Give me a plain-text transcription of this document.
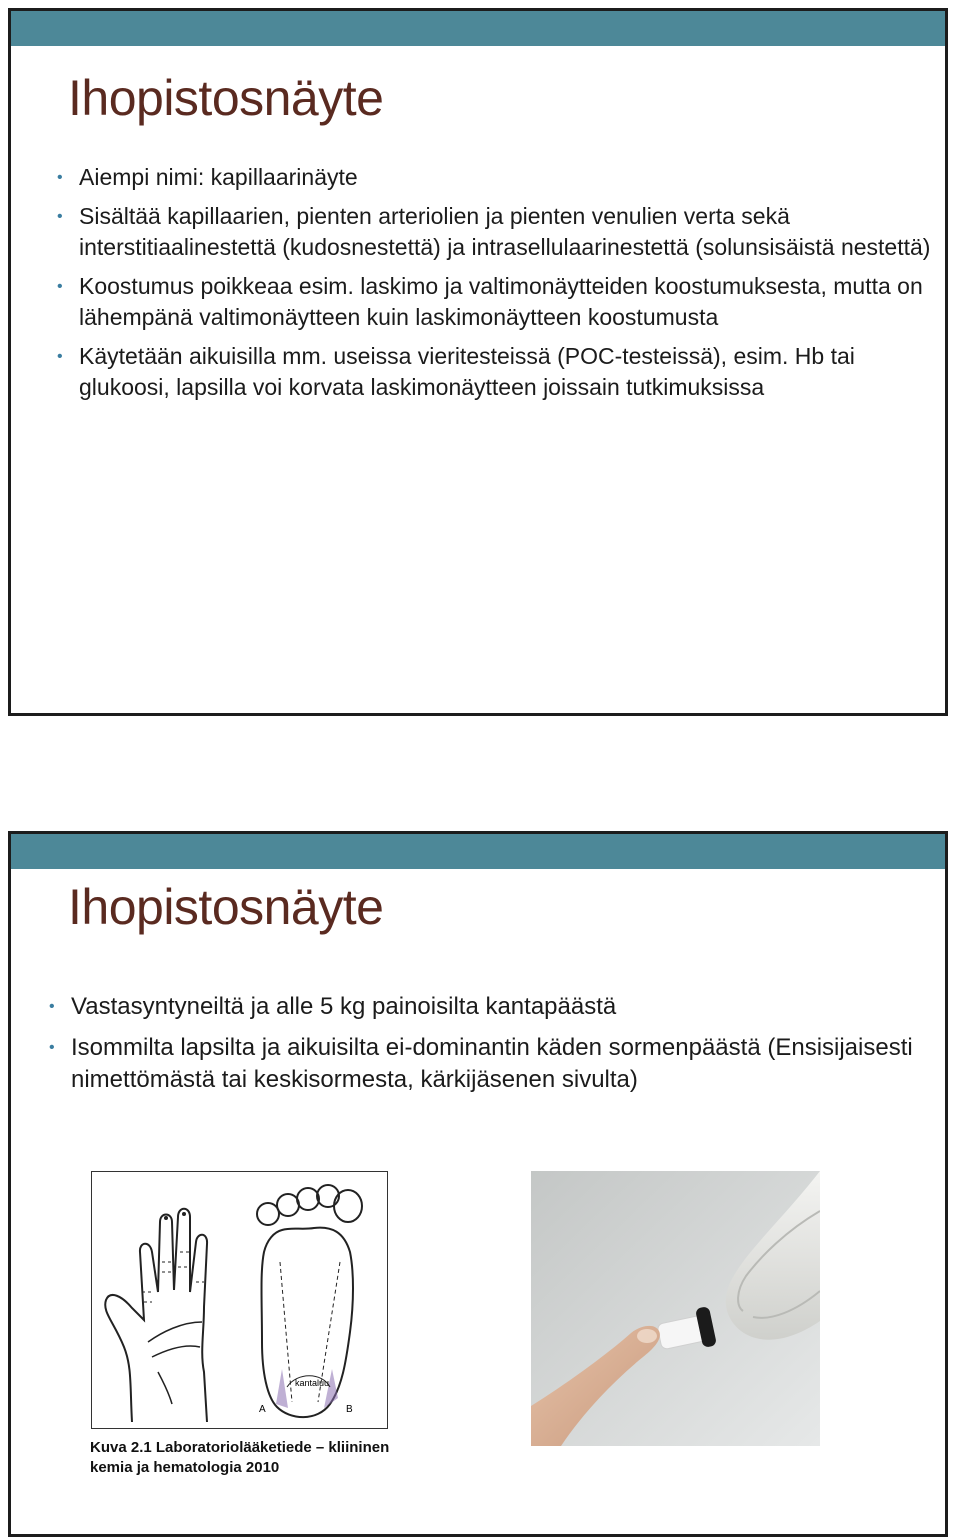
Ihopistosnäyte
• Aiempi nimi: kapillaarinäyte
• Sisältää kapillaarien, pienten arteriolien ja pienten venulien verta sekä interstitiaalinestettä (kudosnestettä) ja intrasellulaarinestettä (solunsisäistä nestettä)
• Koostumus poikkeaa esim. laskimo ja valtimonäytteiden koostumuksesta, mutta on lähempänä valtimonäytteen kuin laskimonäytteen koostumusta
• Käytetään aikuisilla mm. useissa vieritesteissä (POC-testeissä), esim. Hb tai glukoosi, lapsilla voi korvata laskimonäytteen joissain tutkimuksissa
Ihopistosnäyte
• Vastasyntyneiltä ja alle 5 kg painoisilta kantapäästä
• Isommilta lapsilta ja aikuisilta ei-dominantin käden sormenpäästä (Ensisijaisesti nimettömästä tai keskisormesta, kärkijäsenen sivulta)
kantaluu
A	B
Kuva 2.1 Laboratoriolääketiede – kliininen kemia ja hematologia 2010
